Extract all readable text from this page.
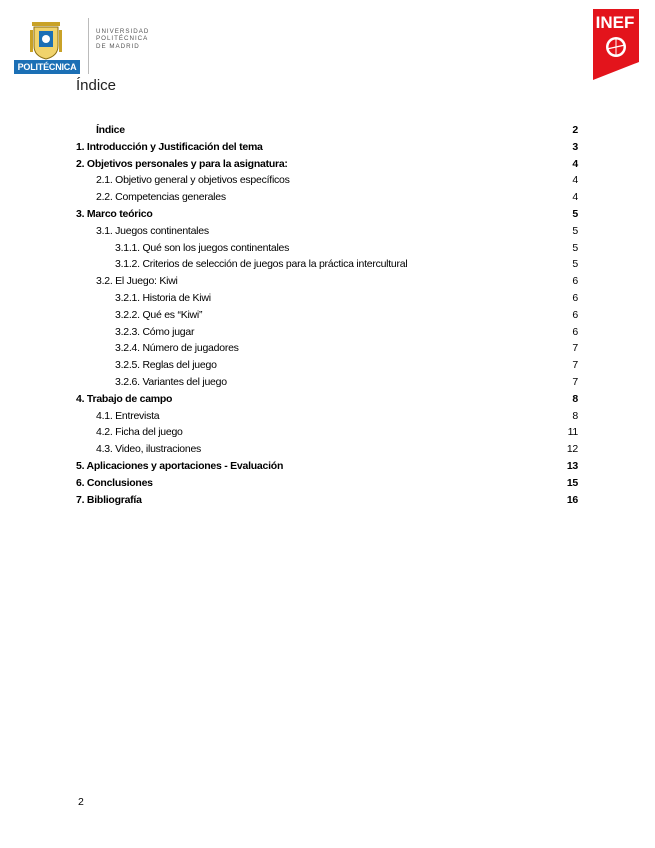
POLITÉCNICA
UNIVERSIDAD
POLITÉCNICA
DE MADRID
INEF
Índice
Índice	2
1. Introducción y Justificación del tema	3
2. Objetivos personales y para la asignatura:	4
2.1. Objetivo general y objetivos específicos	4
2.2. Competencias generales	4
3. Marco teórico	5
3.1. Juegos continentales	5
3.1.1. Qué son los juegos continentales	5
3.1.2. Criterios de selección de juegos para la práctica intercultural	5
3.2. El Juego: Kiwi	6
3.2.1. Historia de Kiwi	6
3.2.2. Qué es “Kiwi”	6
3.2.3. Cómo jugar	6
3.2.4. Número de jugadores	7
3.2.5. Reglas del juego	7
3.2.6. Variantes del juego	7
4. Trabajo de campo	8
4.1. Entrevista	8
4.2. Ficha del juego	11
4.3. Video, ilustraciones	12
5. Aplicaciones y aportaciones - Evaluación	13
6. Conclusiones	15
7. Bibliografía	16
2
